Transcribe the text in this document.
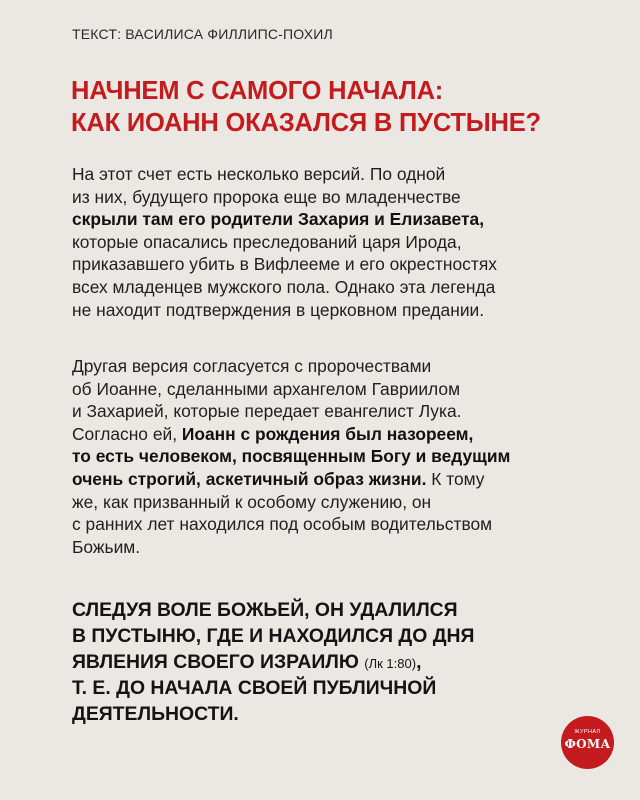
ТЕКСТ: ВАСИЛИСА ФИЛЛИПС-ПОХИЛ
НАЧНЕМ С САМОГО НАЧАЛА:
КАК ИОАНН ОКАЗАЛСЯ В ПУСТЫНЕ?
На этот счет есть несколько версий. По одной
из них, будущего пророка еще во младенчестве
скрыли там его родители Захария и Елизавета,
которые опасались преследований царя Ирода,
приказавшего убить в Вифлееме и его окрестностях
всех младенцев мужского пола. Однако эта легенда
не находит подтверждения в церковном предании.
Другая версия согласуется с пророчествами
об Иоанне, сделанными архангелом Гавриилом
и Захарией, которые передает евангелист Лука.
Согласно ей, Иоанн с рождения был назореем,
то есть человеком, посвященным Богу и ведущим
очень строгий, аскетичный образ жизни. К тому
же, как призванный к особому служению, он
с ранних лет находился под особым водительством
Божьим.
СЛЕДУЯ ВОЛЕ БОЖЬЕЙ, ОН УДАЛИЛСЯ
В ПУСТЫНЮ, ГДЕ И НАХОДИЛСЯ ДО ДНЯ
ЯВЛЕНИЯ СВОЕГО ИЗРАИЛЮ (Лк 1:80),
Т. Е. ДО НАЧАЛА СВОЕЙ ПУБЛИЧНОЙ
ДЕЯТЕЛЬНОСТИ.
ЖУРНАЛ
ФОМА
